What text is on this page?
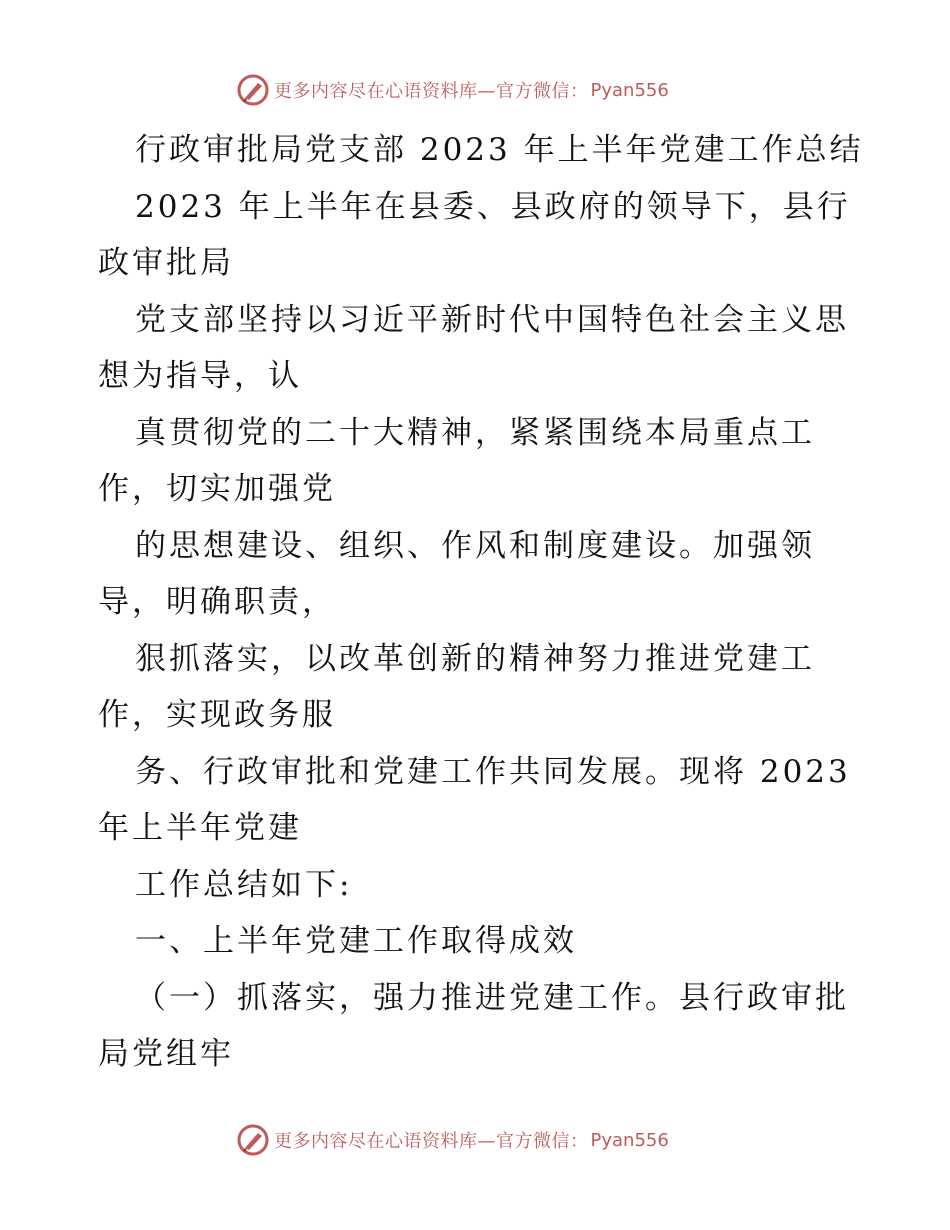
更多内容尽在心语资料库—官方微信： Pyan556
行政审批局党支部 2023 年上半年党建工作总结
2023 年上半年在县委、县政府的领导下，县行
政审批局
党支部坚持以习近平新时代中国特色社会主义思
想为指导，认
真贯彻党的二十大精神，紧紧围绕本局重点工
作，切实加强党
的思想建设、组织、作风和制度建设。加强领
导，明确职责，
狠抓落实，以改革创新的精神努力推进党建工
作，实现政务服
务、行政审批和党建工作共同发展。现将 2023
年上半年党建
工作总结如下:
一、上半年党建工作取得成效
（一）抓落实，强力推进党建工作。县行政审批
局党组牢
更多内容尽在心语资料库—官方微信： Pyan556
